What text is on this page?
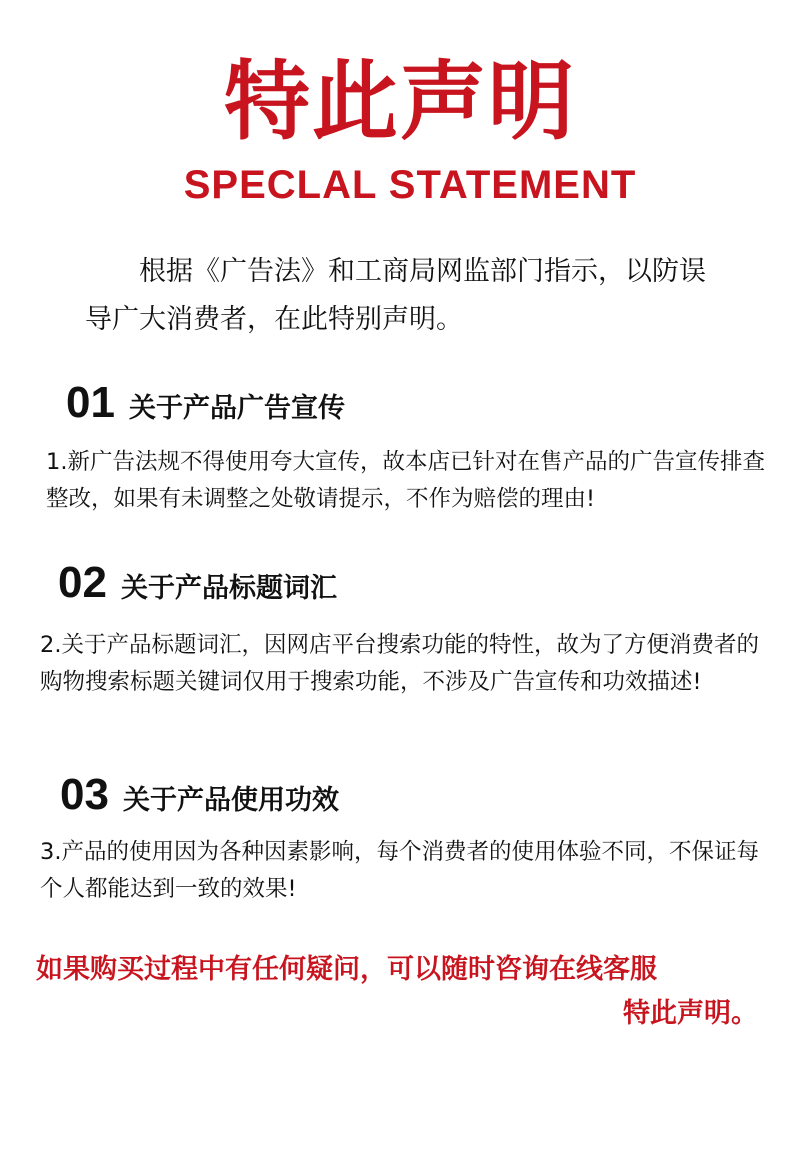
特此声明
SPECLAL STATEMENT
根据《广告法》和工商局网监部门指示，以防误导广大消费者，在此特别声明。
01 关于产品广告宣传
1.新广告法规不得使用夸大宣传，故本店已针对在售产品的广告宣传排查整改，如果有未调整之处敬请提示，不作为赔偿的理由!
02 关于产品标题词汇
2.关于产品标题词汇，因网店平台搜索功能的特性，故为了方便消费者的购物搜索标题关键词仅用于搜索功能，不涉及广告宣传和功效描述!
03 关于产品使用功效
3.产品的使用因为各种因素影响，每个消费者的使用体验不同，不保证每个人都能达到一致的效果!
如果购买过程中有任何疑问，可以随时咨询在线客服
特此声明。
